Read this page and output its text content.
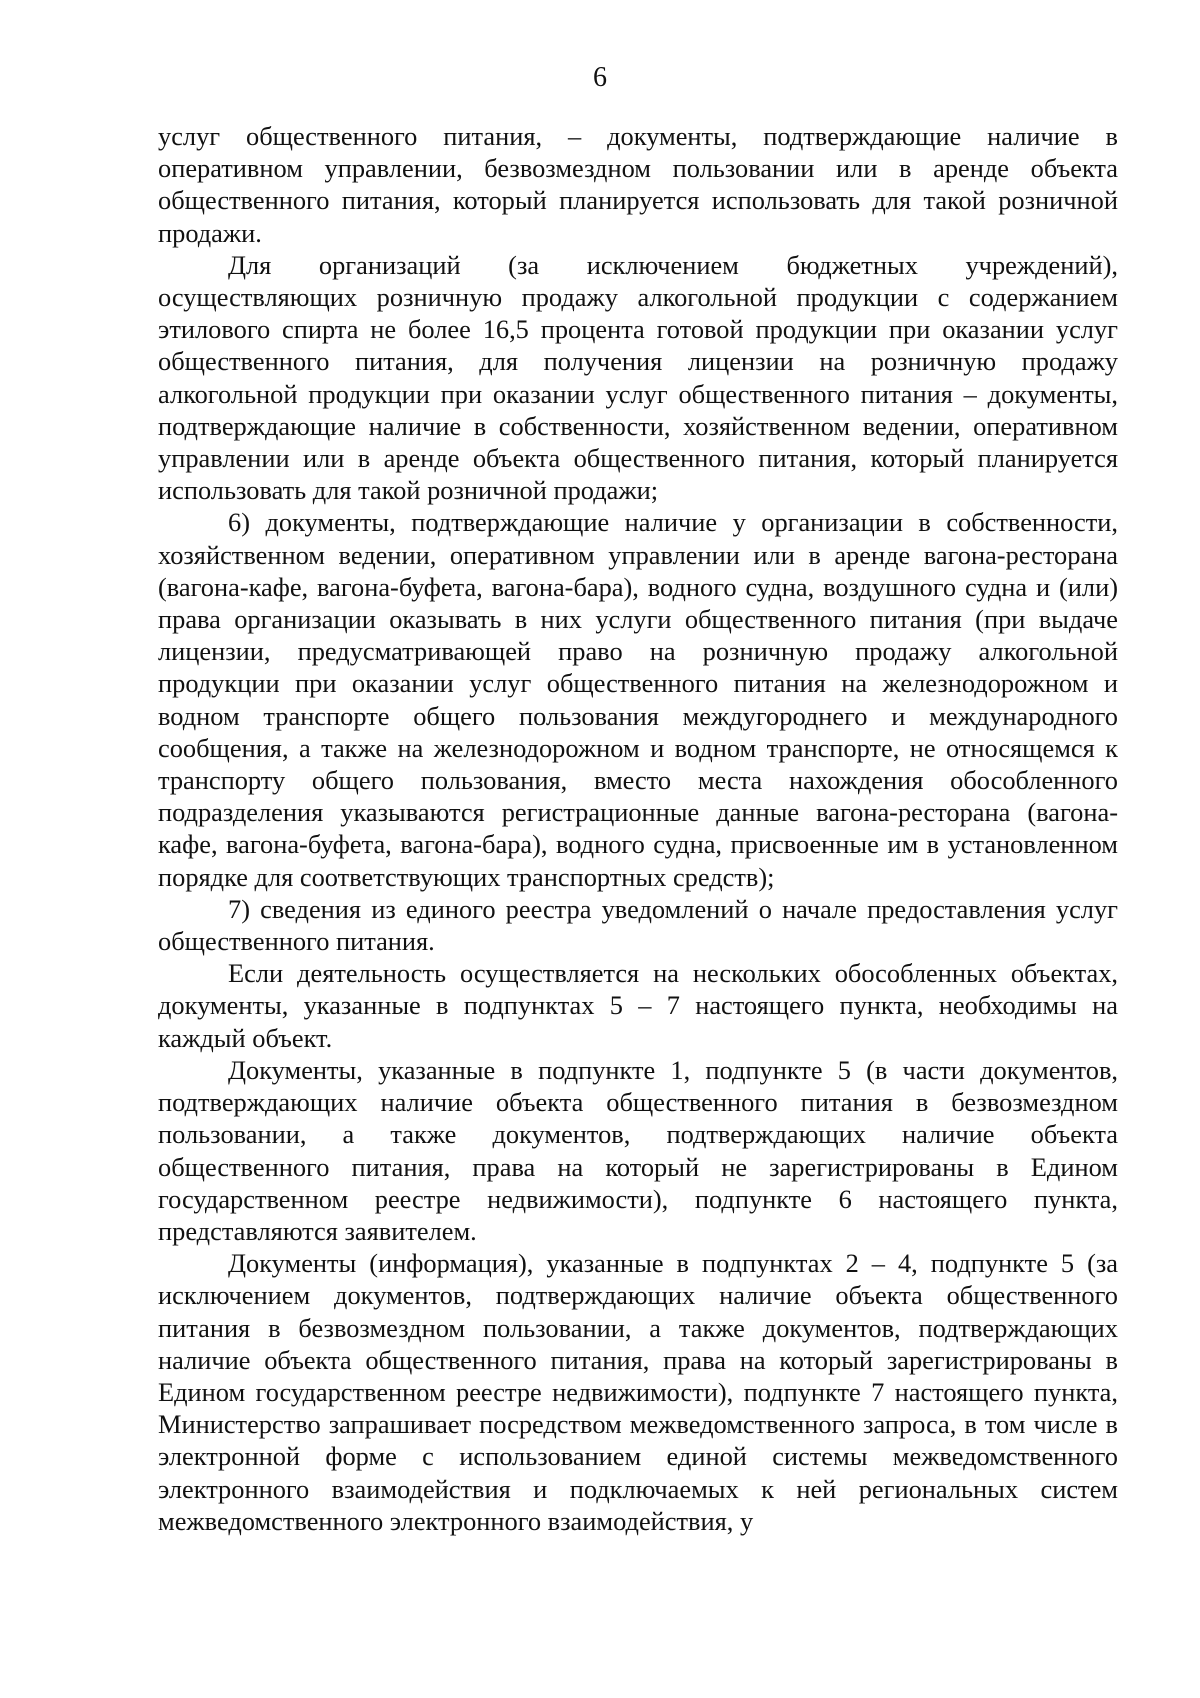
6

услуг общественного питания, – документы, подтверждающие наличие в оперативном управлении, безвозмездном пользовании или в аренде объекта общественного питания, который планируется использовать для такой розничной продажи.

Для организаций (за исключением бюджетных учреждений), осуществляющих розничную продажу алкогольной продукции с содержанием этилового спирта не более 16,5 процента готовой продукции при оказании услуг общественного питания, для получения лицензии на розничную продажу алкогольной продукции при оказании услуг общественного питания – документы, подтверждающие наличие в собственности, хозяйственном ведении, оперативном управлении или в аренде объекта общественного питания, который планируется использовать для такой розничной продажи;

6) документы, подтверждающие наличие у организации в собственности, хозяйственном ведении, оперативном управлении или в аренде вагона-ресторана (вагона-кафе, вагона-буфета, вагона-бара), водного судна, воздушного судна и (или) права организации оказывать в них услуги общественного питания (при выдаче лицензии, предусматривающей право на розничную продажу алкогольной продукции при оказании услуг общественного питания на железнодорожном и водном транспорте общего пользования междугороднего и международного сообщения, а также на железнодорожном и водном транспорте, не относящемся к транспорту общего пользования, вместо места нахождения обособленного подразделения указываются регистрационные данные вагона-ресторана (вагона-кафе, вагона-буфета, вагона-бара), водного судна, присвоенные им в установленном порядке для соответствующих транспортных средств);

7) сведения из единого реестра уведомлений о начале предоставления услуг общественного питания.

Если деятельность осуществляется на нескольких обособленных объектах, документы, указанные в подпунктах 5 – 7 настоящего пункта, необходимы на каждый объект.

Документы, указанные в подпункте 1, подпункте 5 (в части документов, подтверждающих наличие объекта общественного питания в безвозмездном пользовании, а также документов, подтверждающих наличие объекта общественного питания, права на который не зарегистрированы в Едином государственном реестре недвижимости), подпункте 6 настоящего пункта, представляются заявителем.

Документы (информация), указанные в подпунктах 2 – 4, подпункте 5 (за исключением документов, подтверждающих наличие объекта общественного питания в безвозмездном пользовании, а также документов, подтверждающих наличие объекта общественного питания, права на который зарегистрированы в Едином государственном реестре недвижимости), подпункте 7 настоящего пункта, Министерство запрашивает посредством межведомственного запроса, в том числе в электронной форме с использованием единой системы межведомственного электронного взаимодействия и подключаемых к ней региональных систем межведомственного электронного взаимодействия, у
